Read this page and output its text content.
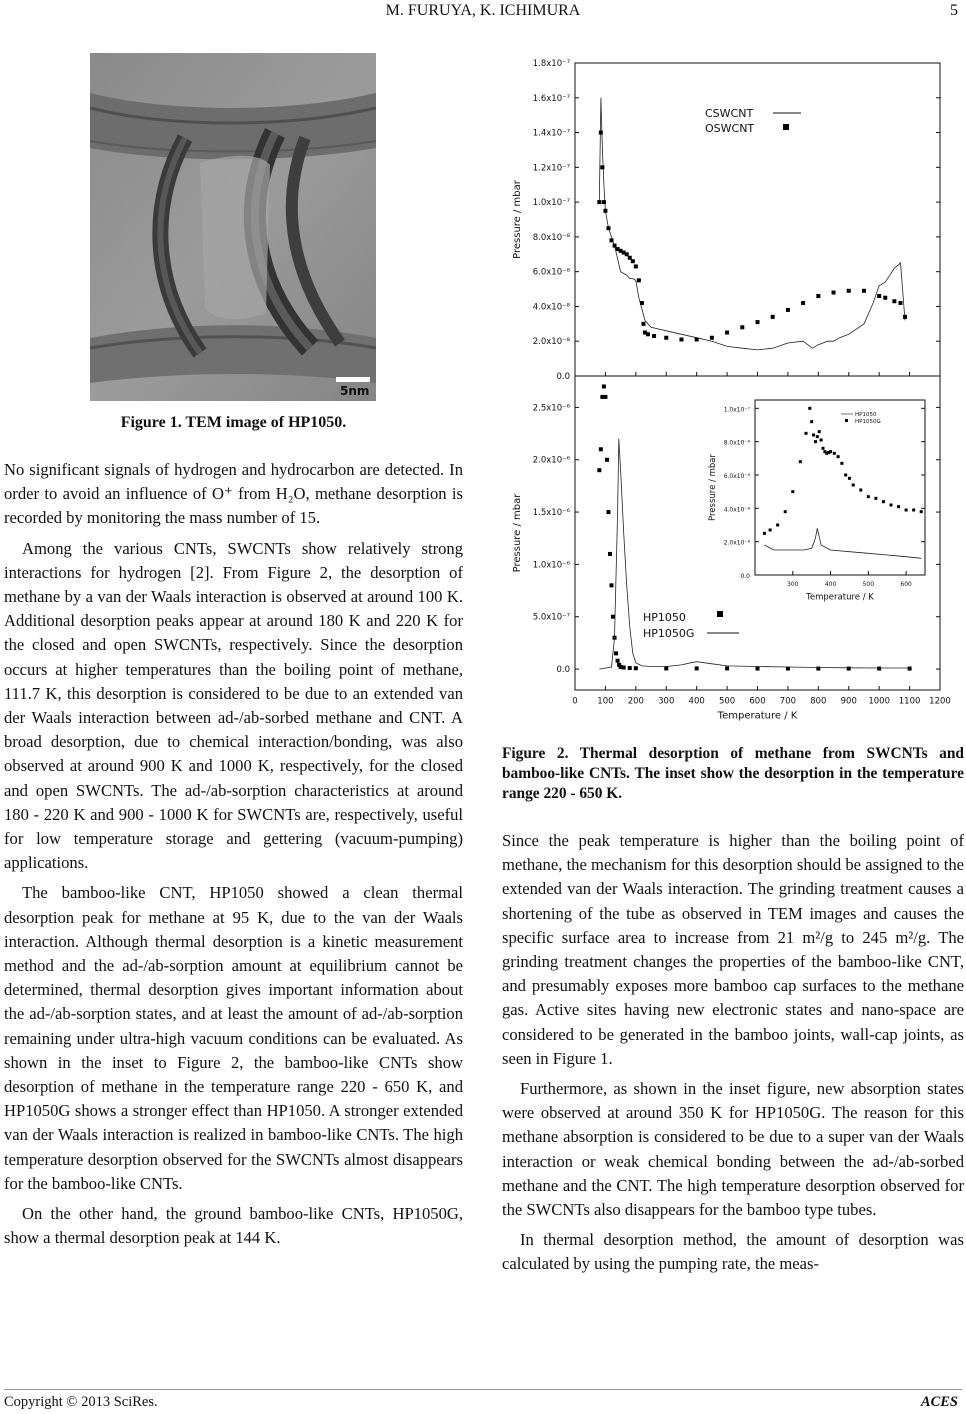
M. FURUYA, K. ICHIMURA	5
5nm
Figure 1. TEM image of HP1050.

No significant signals of hydrogen and hydrocarbon are detected. In order to avoid an influence of O⁺ from H₂O, methane desorption is recorded by monitoring the mass number of 15.

Among the various CNTs, SWCNTs show relatively strong interactions for hydrogen [2]. From Figure 2, the desorption of methane by a van der Waals interaction is observed at around 100 K. Additional desorption peaks appear at around 180 K and 220 K for the closed and open SWCNTs, respectively. Since the desorption occurs at higher temperatures than the boiling point of methane, 111.7 K, this desorption is considered to be due to an extended van der Waals interaction between ad-/ab-sorbed methane and CNT. A broad desorption, due to chemical interaction/bonding, was also observed at around 900 K and 1000 K, respectively, for the closed and open SWCNTs. The ad-/ab-sorption characteristics at around 180 - 220 K and 900 - 1000 K for SWCNTs are, respectively, useful for low temperature storage and gettering (vacuum-pumping) applications.

The bamboo-like CNT, HP1050 showed a clean thermal desorption peak for methane at 95 K, due to the van der Waals interaction. Although thermal desorption is a kinetic measurement method and the ad-/ab-sorption amount at equilibrium cannot be determined, thermal desorption gives important information about the ad-/ab-sorption states, and at least the amount of ad-/ab-sorption remaining under ultra-high vacuum conditions can be evaluated. As shown in the inset to Figure 2, the bamboo-like CNTs show desorption of methane in the temperature range 220 - 650 K, and HP1050G shows a stronger effect than HP1050. A stronger extended van der Waals interaction is realized in bamboo-like CNTs. The high temperature desorption observed for the SWCNTs almost disappears for the bamboo-like CNTs.

On the other hand, the ground bamboo-like CNTs, HP1050G, show a thermal desorption peak at 144 K.

0.0
2.0x10⁻⁸
4.0x10⁻⁸
6.0x10⁻⁸
8.0x10⁻⁸
1.0x10⁻⁷
1.2x10⁻⁷
1.4x10⁻⁷
1.6x10⁻⁷
1.8x10⁻⁷
Pressure / mbar
CSWCNT
OSWCNT
0.0
5.0x10⁻⁷
1.0x10⁻⁶
1.5x10⁻⁶
2.0x10⁻⁶
2.5x10⁻⁶
0 100 200 300 400 500 600 700 800 900 1000 1100 1200
Pressure / mbar
Temperature / K
HP1050
HP1050G
0.0
2.0x10⁻⁸
4.0x10⁻⁸
6.0x10⁻⁸
8.0x10⁻⁸
1.0x10⁻⁷
300	400	500	600
Pressure / mbar
Temperature / K
HP1050
HP1050G
Figure 2. Thermal desorption of methane from SWCNTs and bamboo-like CNTs. The inset show the desorption in the temperature range 220 - 650 K.

Since the peak temperature is higher than the boiling point of methane, the mechanism for this desorption should be assigned to the extended van der Waals interaction. The grinding treatment causes a shortening of the tube as observed in TEM images and causes the specific surface area to increase from 21 m²/g to 245 m²/g. The grinding treatment changes the properties of the bamboo-like CNT, and presumably exposes more bamboo cap surfaces to the methane gas. Active sites having new electronic states and nano-space are considered to be generated in the bamboo joints, wall-cap joints, as seen in Figure 1.

Furthermore, as shown in the inset figure, new absorption states were observed at around 350 K for HP1050G. The reason for this methane absorption is considered to be due to a super van der Waals interaction or weak chemical bonding between the ad-/ab-sorbed methane and the CNT. The high temperature desorption observed for the SWCNTs also disappears for the bamboo type tubes.

In thermal desorption method, the amount of desorption was calculated by using the pumping rate, the meas-

Copyright © 2013 SciRes.	ACES
